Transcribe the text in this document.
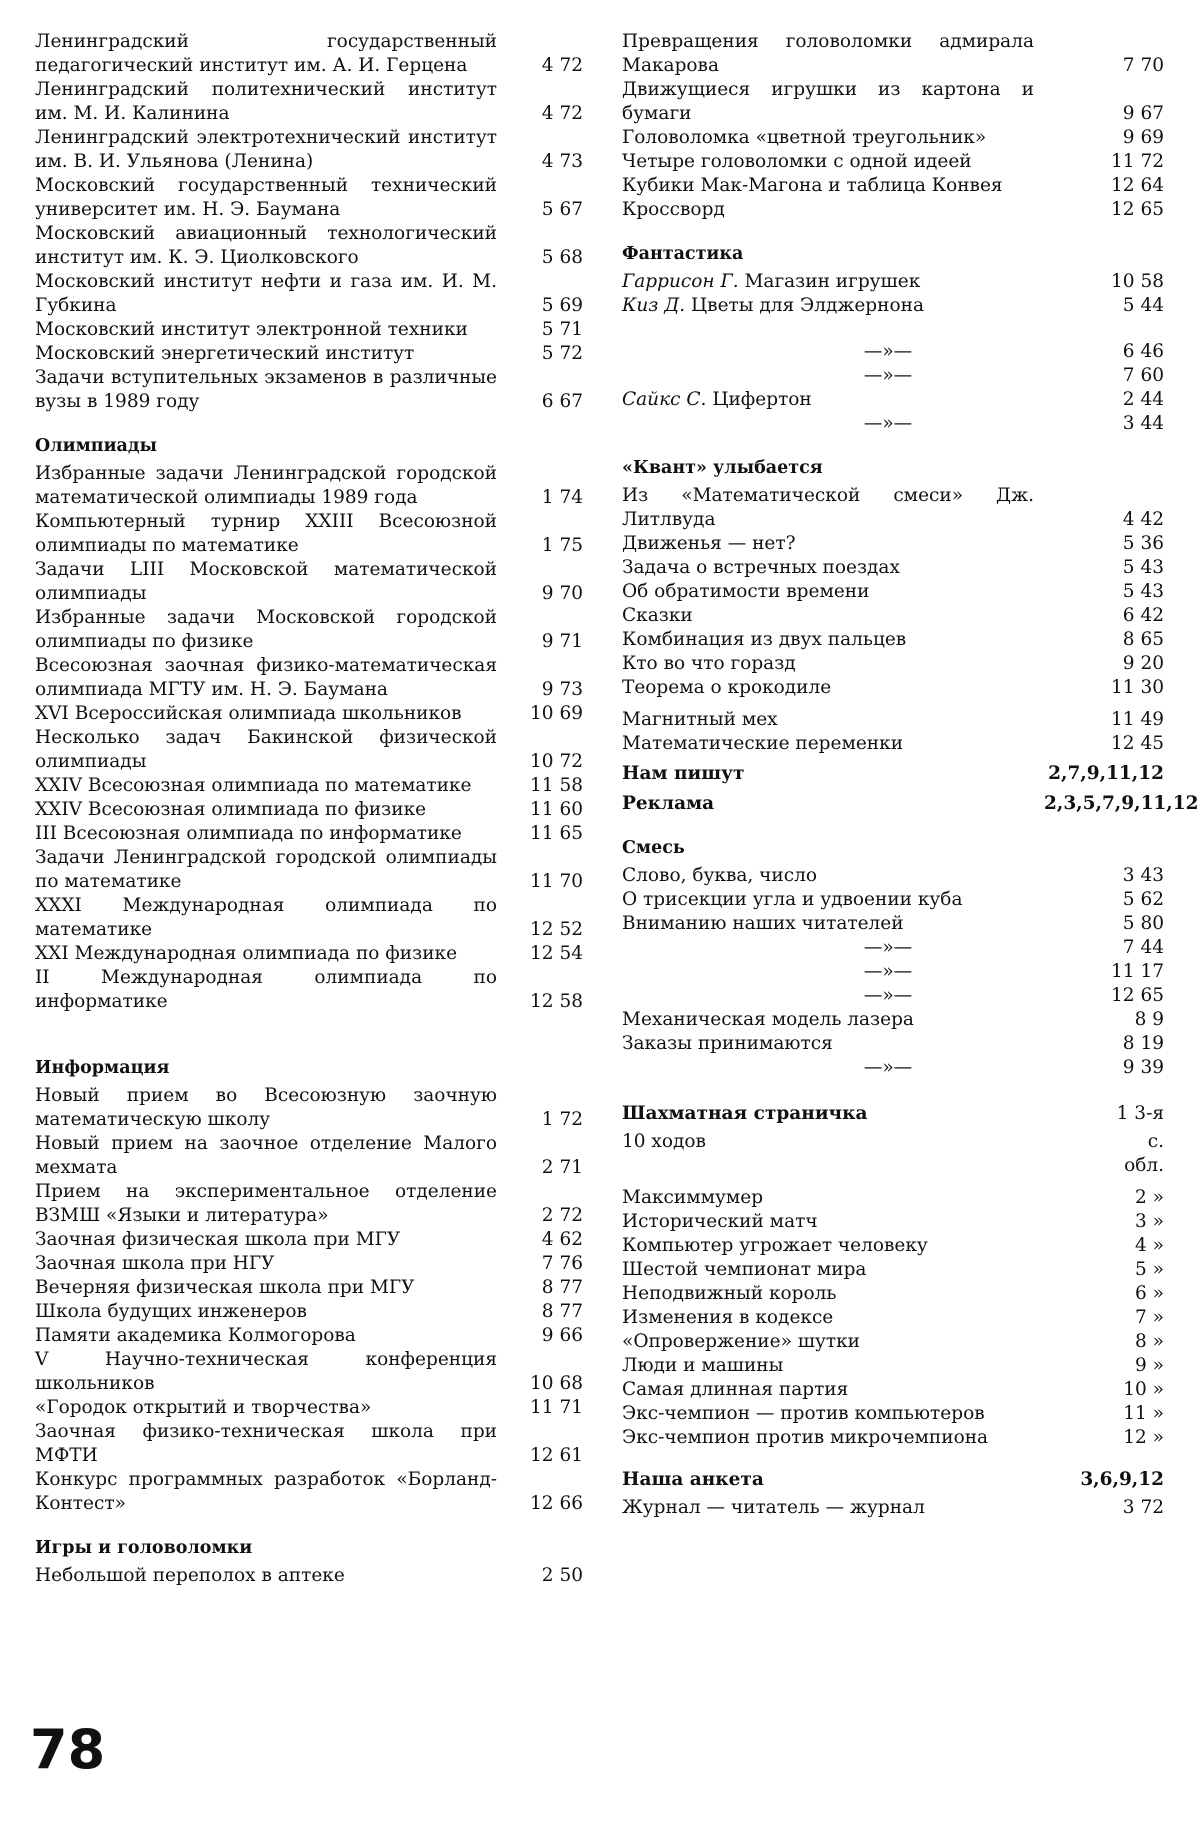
Ленинградский государственный педагогический институт им. А. И. Герцена	4 72
Ленинградский политехнический институт им. М. И. Калинина	4 72
Ленинградский электротехнический институт им. В. И. Ульянова (Ленина)	4 73
Московский государственный технический университет им. Н. Э. Баумана	5 67
Московский авиационный технологический институт им. К. Э. Циолковского	5 68
Московский институт нефти и газа им. И. М. Губкина	5 69
Московский институт электронной техники	5 71
Московский энергетический институт	5 72
Задачи вступительных экзаменов в различные вузы в 1989 году	6 67
Олимпиады
Избранные задачи Ленинградской городской математической олимпиады 1989 года	1 74
Компьютерный турнир XXIII Всесоюзной олимпиады по математике	1 75
Задачи LIII Московской математической олимпиады	9 70
Избранные задачи Московской городской олимпиады по физике	9 71
Всесоюзная заочная физико-математическая олимпиада МГТУ им. Н. Э. Баумана	9 73
XVI Всероссийская олимпиада школьников	10 69
Несколько задач Бакинской физической олимпиады	10 72
XXIV Всесоюзная олимпиада по математике	11 58
XXIV Всесоюзная олимпиада по физике	11 60
III Всесоюзная олимпиада по информатике	11 65
Задачи Ленинградской городской олимпиады по математике	11 70
XXXI Международная олимпиада по математике	12 52
XXI Международная олимпиада по физике	12 54
II Международная олимпиада по информатике	12 58
Информация
Новый прием во Всесоюзную заочную математическую школу	1 72
Новый прием на заочное отделение Малого мехмата	2 71
Прием на экспериментальное отделение ВЗМШ «Языки и литература»	2 72
Заочная физическая школа при МГУ	4 62
Заочная школа при НГУ	7 76
Вечерняя физическая школа при МГУ	8 77
Школа будущих инженеров	8 77
Памяти академика Колмогорова	9 66
V Научно-техническая конференция школьников	10 68
«Городок открытий и творчества»	11 71
Заочная физико-техническая школа при МФТИ	12 61
Конкурс программных разработок «Борланд-Контест»	12 66
Игры и головоломки
Небольшой переполох в аптеке	2 50
Превращения головоломки адмирала Макарова	7 70
Движущиеся игрушки из картона и бумаги	9 67
Головоломка «цветной треугольник»	9 69
Четыре головоломки с одной идеей	11 72
Кубики Мак-Магона и таблица Конвея	12 64
Кроссворд	12 65
Фантастика
Гаррисон Г. Магазин игрушек	10 58
Киз Д. Цветы для Элджернона	5 44
—»—	6 46
—»—	7 60
Сайкс С. Цифертон	2 44
—»—	3 44
«Квант» улыбается
Из «Математической смеси» Дж. Литлвуда	4 42
Движенья — нет?	5 36
Задача о встречных поездах	5 43
Об обратимости времени	5 43
Сказки	6 42
Комбинация из двух пальцев	8 65
Кто во что горазд	9 20
Теорема о крокодиле	11 30
Магнитный мех	11 49
Математические переменки	12 45
Нам пишут	2,7,9,11,12
Реклама	2,3,5,7,9,11,12
Смесь
Слово, буква, число	3 43
О трисекции угла и удвоении куба	5 62
Вниманию наших читателей	5 80
—»—	7 44
—»—	11 17
—»—	12 65
Механическая модель лазера	8 9
Заказы принимаются	8 19
—»—	9 39
Шахматная страничка	1 3-я
10 ходов	с.
обл.
Максиммумер	2 »
Исторический матч	3 »
Компьютер угрожает человеку	4 »
Шестой чемпионат мира	5 »
Неподвижный король	6 »
Изменения в кодексе	7 »
«Опровержение» шутки	8 »
Люди и машины	9 »
Самая длинная партия	10 »
Экс-чемпион — против компьютеров	11 »
Экс-чемпион против микрочемпиона	12 »
Наша анкета	3,6,9,12
Журнал — читатель — журнал	3 72
78
